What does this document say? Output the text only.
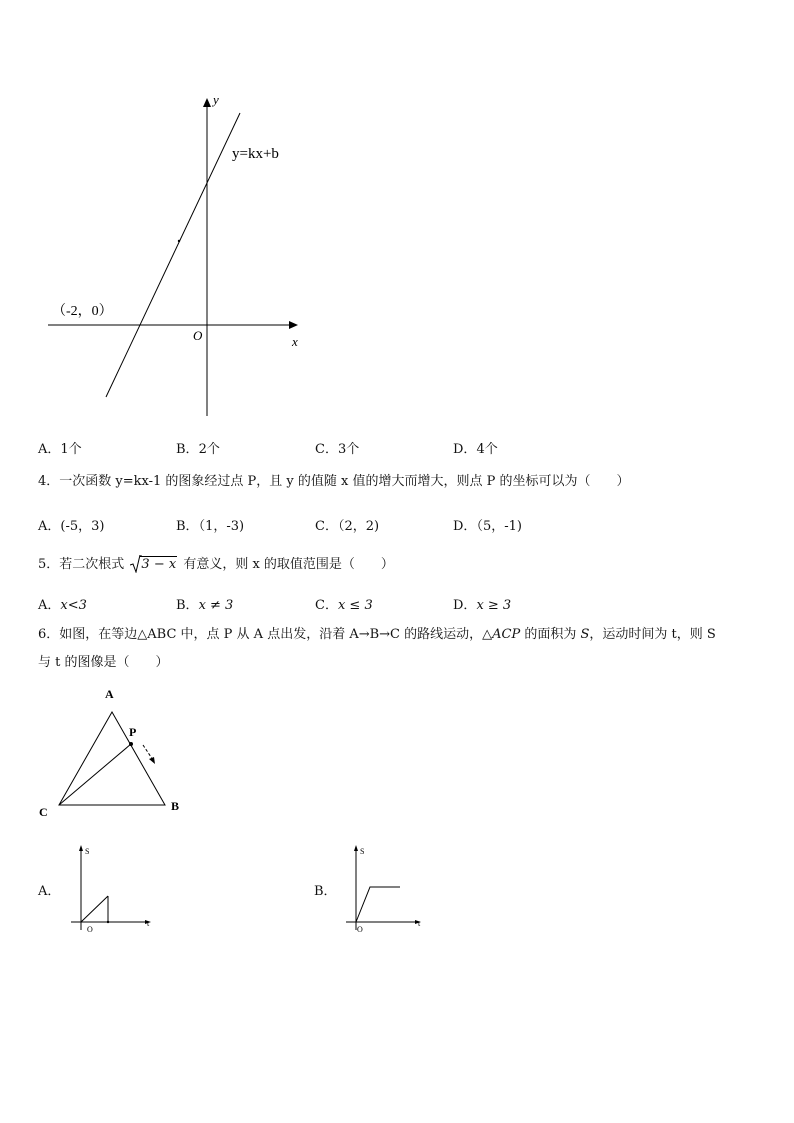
y
x
O
y=kx+b
（-2，0）
A．1个	B．2个	C．3个	D．4个
4．一次函数 y=kx-1 的图象经过点 P，且 y 的值随 x 值的增大而增大，则点 P 的坐标可以为（　　）
A．(-5，3)	B．（1，-3)	C．（2，2)	D．（5，-1)
5．若二次根式 3 − x 有意义，则 x 的取值范围是（　　）
A．x<3	B．x ≠ 3	C．x ≤ 3	D．x ≥ 3
6．如图，在等边△ABC 中，点 P 从 A 点出发，沿着 A→B→C 的路线运动，△ACP 的面积为 S，运动时间为 t，则 S
与 t 的图像是（　　）
A
B
C
P
A．
S
t
O
B．
S
t
O
